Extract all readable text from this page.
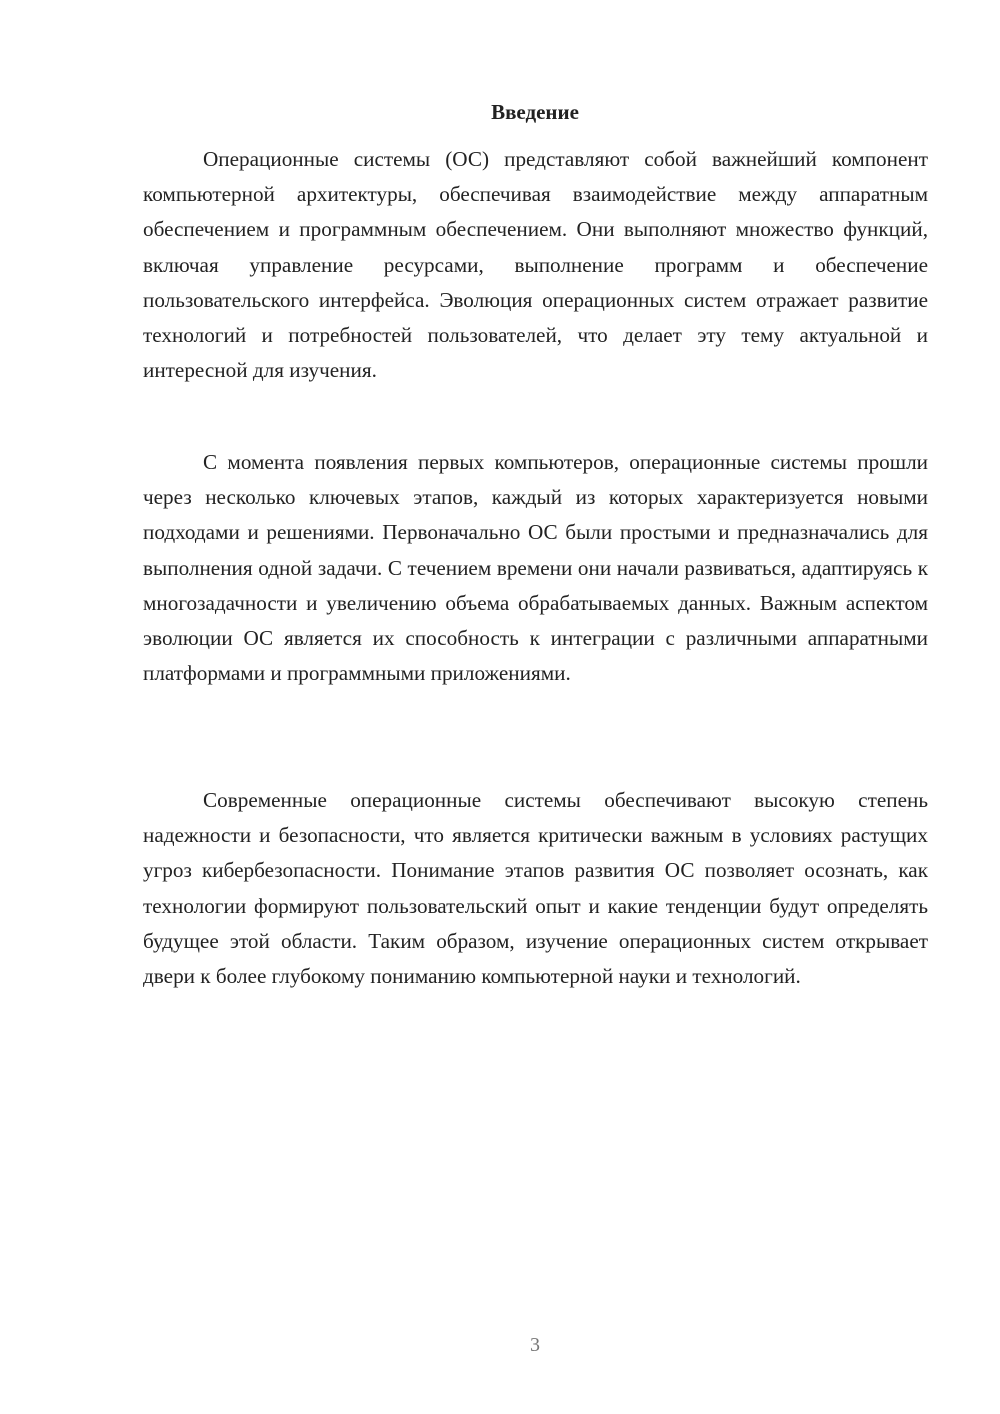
Введение

Операционные системы (ОС) представляют собой важнейший компонент компьютерной архитектуры, обеспечивая взаимодействие между аппаратным обеспечением и программным обеспечением. Они выполняют множество функций, включая управление ресурсами, выполнение программ и обеспечение пользовательского интерфейса. Эволюция операционных систем отражает развитие технологий и потребностей пользователей, что делает эту тему актуальной и интересной для изучения.

С момента появления первых компьютеров, операционные системы прошли через несколько ключевых этапов, каждый из которых характеризуется новыми подходами и решениями. Первоначально ОС были простыми и предназначались для выполнения одной задачи. С течением времени они начали развиваться, адаптируясь к многозадачности и увеличению объема обрабатываемых данных. Важным аспектом эволюции ОС является их способность к интеграции с различными аппаратными платформами и программными приложениями.

Современные операционные системы обеспечивают высокую степень надежности и безопасности, что является критически важным в условиях растущих угроз кибербезопасности. Понимание этапов развития ОС позволяет осознать, как технологии формируют пользовательский опыт и какие тенденции будут определять будущее этой области. Таким образом, изучение операционных систем открывает двери к более глубокому пониманию компьютерной науки и технологий.

3
